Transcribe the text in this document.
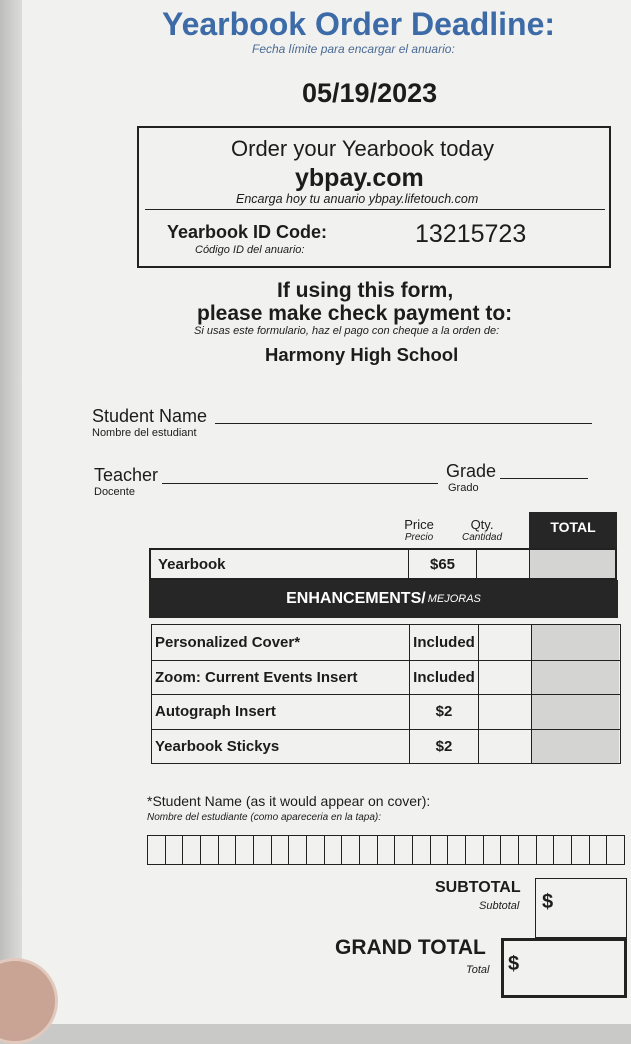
Yearbook Order Deadline:
Fecha límite para encargar el anuario:
05/19/2023
Order your Yearbook today
ybpay.com
Encarga hoy tu anuario ybpay.lifetouch.com
Yearbook ID Code:
Código ID del anuario:
13215723
If using this form,
please make check payment to:
Si usas este formulario, haz el pago con cheque a la orden de:
Harmony High School
Student Name
Nombre del estudiant
Teacher
Docente
Grade
Grado
Price
Precio
Qty.
Cantidad
TOTAL
Yearbook	$65
ENHANCEMENTS/ MEJORAS
Personalized Cover*	Included
Zoom: Current Events Insert	Included
Autograph Insert	$2
Yearbook Stickys	$2
*Student Name (as it would appear on cover):
Nombre del estudiante (como apareceria en la tapa):
SUBTOTAL
Subtotal	$
GRAND TOTAL
Total $
